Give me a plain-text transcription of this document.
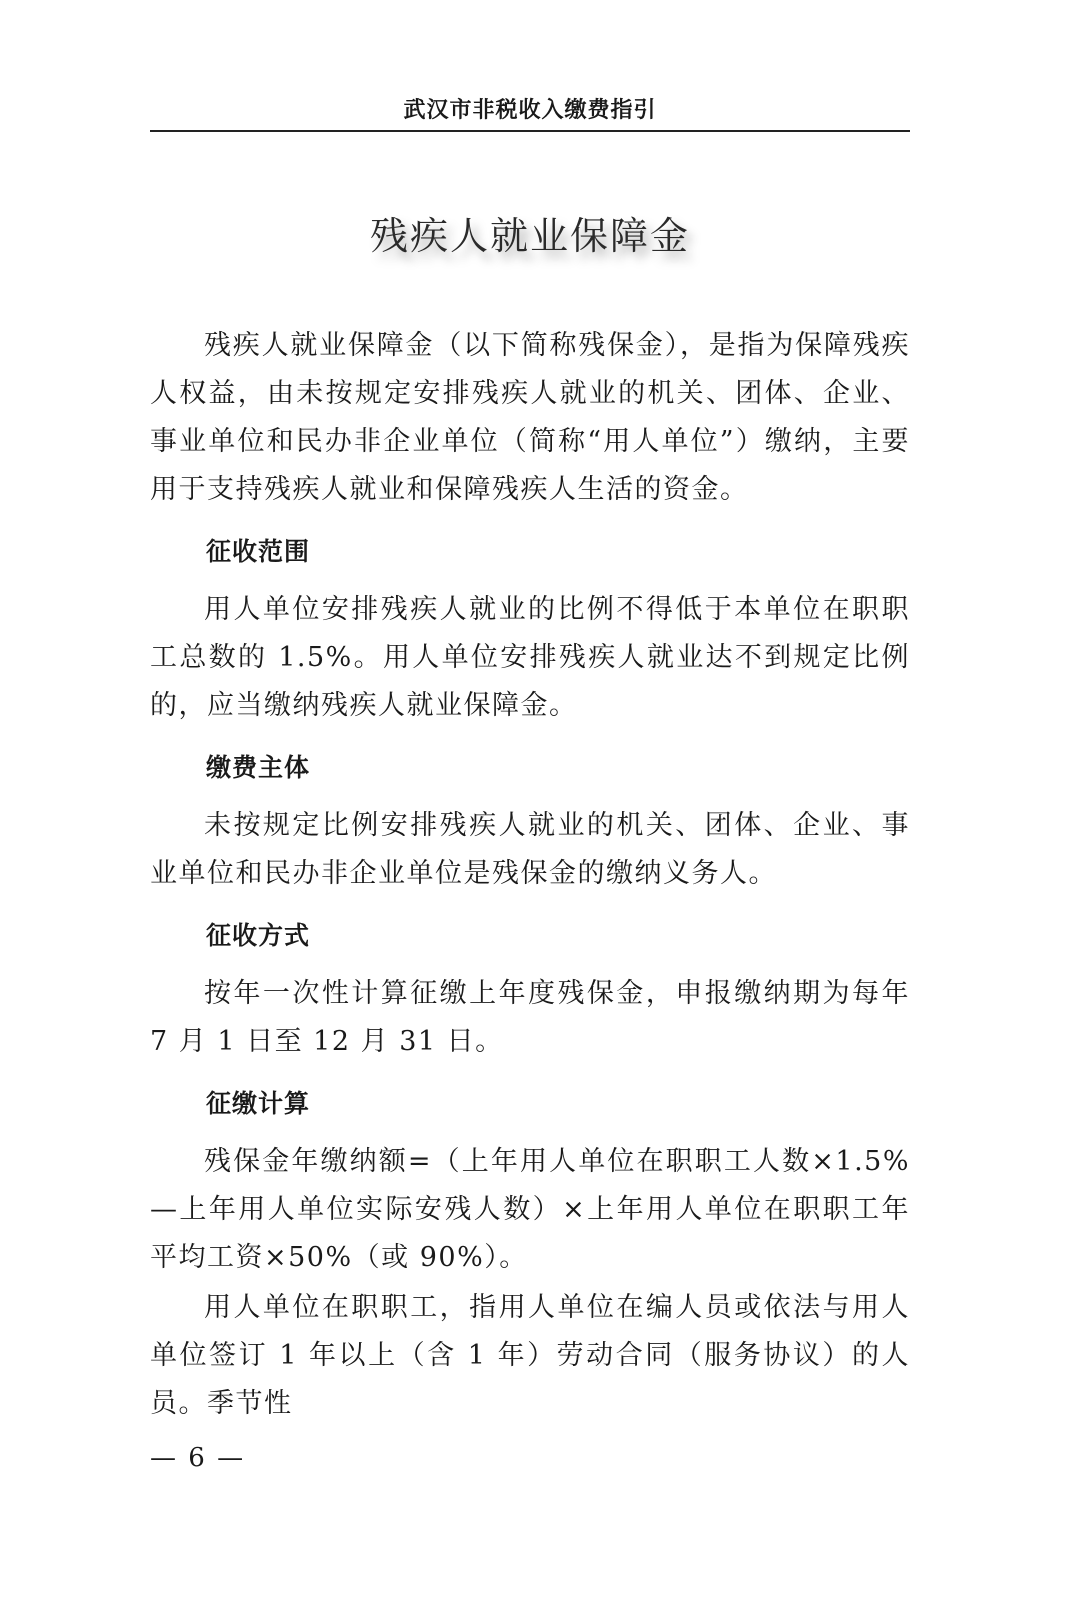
武汉市非税收入缴费指引
残疾人就业保障金

残疾人就业保障金（以下简称残保金），是指为保障残疾人权益，由未按规定安排残疾人就业的机关、团体、企业、事业单位和民办非企业单位（简称“用人单位”）缴纳，主要用于支持残疾人就业和保障残疾人生活的资金。

征收范围

用人单位安排残疾人就业的比例不得低于本单位在职职工总数的 1.5%。用人单位安排残疾人就业达不到规定比例的，应当缴纳残疾人就业保障金。

缴费主体

未按规定比例安排残疾人就业的机关、团体、企业、事业单位和民办非企业单位是残保金的缴纳义务人。

征收方式

按年一次性计算征缴上年度残保金，申报缴纳期为每年 7 月 1 日至 12 月 31 日。

征缴计算

残保金年缴纳额=（上年用人单位在职职工人数×1.5%—上年用人单位实际安残人数）×上年用人单位在职职工年平均工资×50%（或 90%）。

用人单位在职职工，指用人单位在编人员或依法与用人单位签订 1 年以上（含 1 年）劳动合同（服务协议）的人员。季节性

— 6 —
